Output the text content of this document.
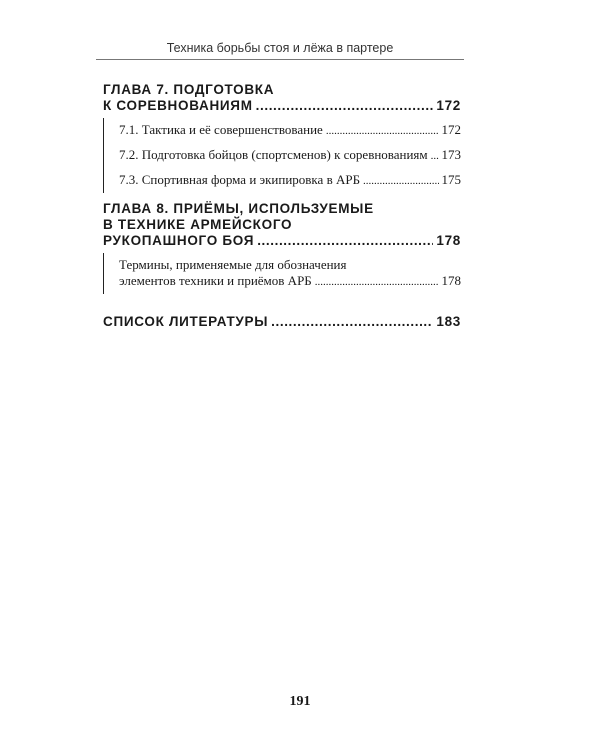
Техника борьбы стоя и лёжа в партере
ГЛАВА 7. ПОДГОТОВКА
К СОРЕВНОВАНИЯМ .....	172
7.1. Тактика и её совершенствование .....	172
7.2. Подготовка бойцов (спортсменов) к соревнованиям ..... 173
7.3. Спортивная форма и экипировка в АРБ .....	175
ГЛАВА 8. ПРИЁМЫ, ИСПОЛЬЗУЕМЫЕ
В ТЕХНИКЕ АРМЕЙСКОГО
РУКОПАШНОГО БОЯ .....	178
Термины, применяемые для обозначения
элементов техники и приёмов АРБ .....	178
СПИСОК ЛИТЕРАТУРЫ .....	183
191
